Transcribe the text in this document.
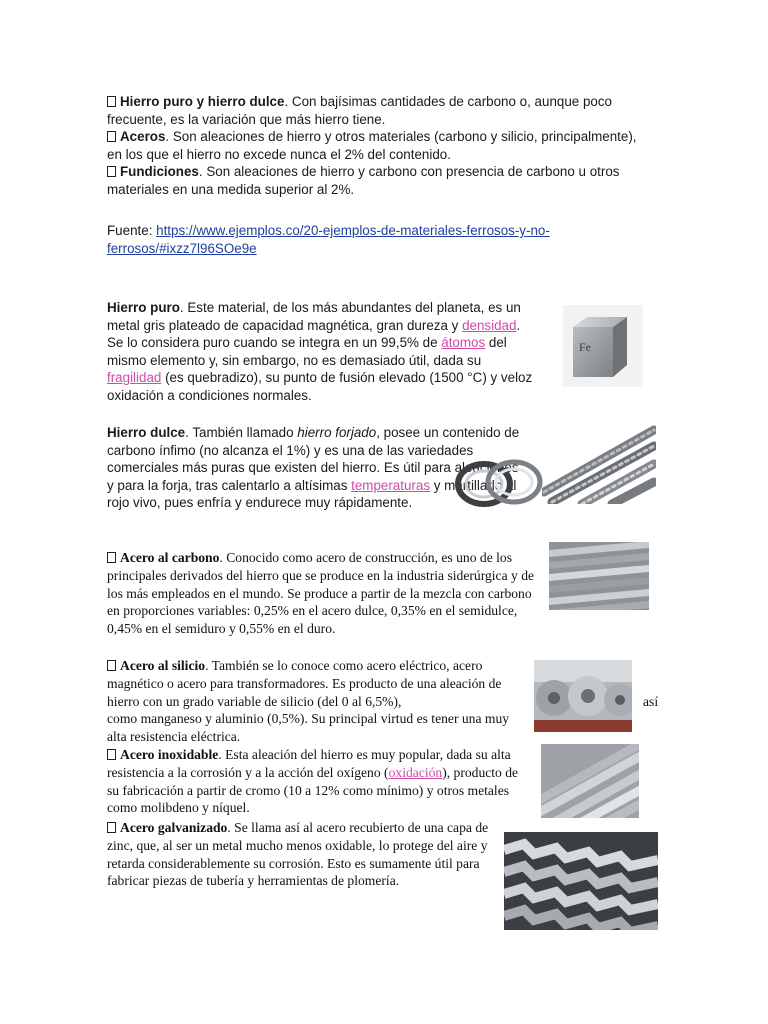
Hierro puro y hierro dulce. Con bajísimas cantidades de carbono o, aunque poco frecuente, es la variación que más hierro tiene.
Aceros. Son aleaciones de hierro y otros materiales (carbono y silicio, principalmente), en los que el hierro no excede nunca el 2% del contenido.
Fundiciones. Son aleaciones de hierro y carbono con presencia de carbono u otros materiales en una medida superior al 2%.
Fuente: https://www.ejemplos.co/20-ejemplos-de-materiales-ferrosos-y-no-
ferrosos/#ixzz7l96SOe9e
Hierro puro. Este material, de los más abundantes del planeta, es un metal gris plateado de capacidad magnética, gran dureza y densidad. Se lo considera puro cuando se integra en un 99,5% de átomos del mismo elemento y, sin embargo, no es demasiado útil, dada su fragilidad (es quebradizo), su punto de fusión elevado (1500 °C) y veloz oxidación a condiciones normales.
Fe
Hierro dulce. También llamado hierro forjado, posee un contenido de carbono ínfimo (no alcanza el 1%) y es una de las variedades comerciales más puras que existen del hierro. Es útil para aleaciones y para la forja, tras calentarlo a altísimas temperaturas y martillarlo al rojo vivo, pues enfría y endurece muy rápidamente.
Acero al carbono. Conocido como acero de construcción, es uno de los principales derivados del hierro que se produce en la industria siderúrgica y de los más empleados en el mundo. Se produce a partir de la mezcla con carbono en proporciones variables: 0,25% en el acero dulce, 0,35% en el semidulce, 0,45% en el semiduro y 0,55% en el duro.
Acero al silicio. También se lo conoce como acero eléctrico, acero magnético o acero para transformadores. Es producto de una aleación de hierro con un grado variable de silicio (del 0 al 6,5%),
como manganeso y aluminio (0,5%). Su principal virtud es tener una muy alta resistencia eléctrica.
así
Acero inoxidable. Esta aleación del hierro es muy popular, dada su alta resistencia a la corrosión y a la acción del oxígeno (oxidación), producto de su fabricación a partir de cromo (10 a 12% como mínimo) y otros metales como molibdeno y níquel.
Acero galvanizado. Se llama así al acero recubierto de una capa de zinc, que, al ser un metal mucho menos oxidable, lo protege del aire y retarda considerablemente su corrosión. Esto es sumamente útil para fabricar piezas de tubería y herramientas de plomería.
